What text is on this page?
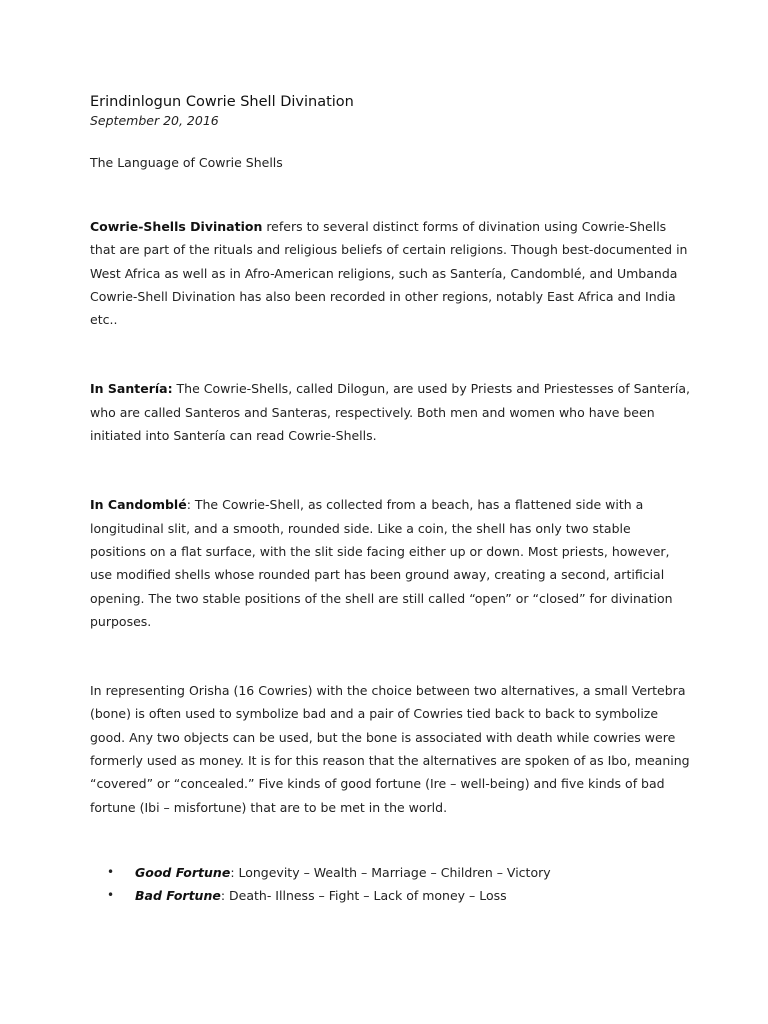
Erindinlogun Cowrie Shell Divination
September 20, 2016
The Language of Cowrie Shells

Cowrie-Shells Divination refers to several distinct forms of divination using Cowrie-Shells that are part of the rituals and religious beliefs of certain religions. Though best-documented in West Africa as well as in Afro-American religions, such as Santería, Candomblé, and Umbanda Cowrie-Shell Divination has also been recorded in other regions, notably East Africa and India etc..

In Santería: The Cowrie-Shells, called Dilogun, are used by Priests and Priestesses of Santería, who are called Santeros and Santeras, respectively. Both men and women who have been initiated into Santería can read Cowrie-Shells.

In Candomblé: The Cowrie-Shell, as collected from a beach, has a flattened side with a longitudinal slit, and a smooth, rounded side. Like a coin, the shell has only two stable positions on a flat surface, with the slit side facing either up or down. Most priests, however, use modified shells whose rounded part has been ground away, creating a second, artificial opening. The two stable positions of the shell are still called “open” or “closed” for divination purposes.

In representing Orisha (16 Cowries) with the choice between two alternatives, a small Vertebra (bone) is often used to symbolize bad and a pair of Cowries tied back to back to symbolize good. Any two objects can be used, but the bone is associated with death while cowries were formerly used as money. It is for this reason that the alternatives are spoken of as Ibo, meaning “covered” or “concealed.” Five kinds of good fortune (Ire – well-being) and five kinds of bad fortune (Ibi – misfortune) that are to be met in the world.

• Good Fortune: Longevity – Wealth – Marriage – Children – Victory
• Bad Fortune: Death- Illness – Fight – Lack of money – Loss
